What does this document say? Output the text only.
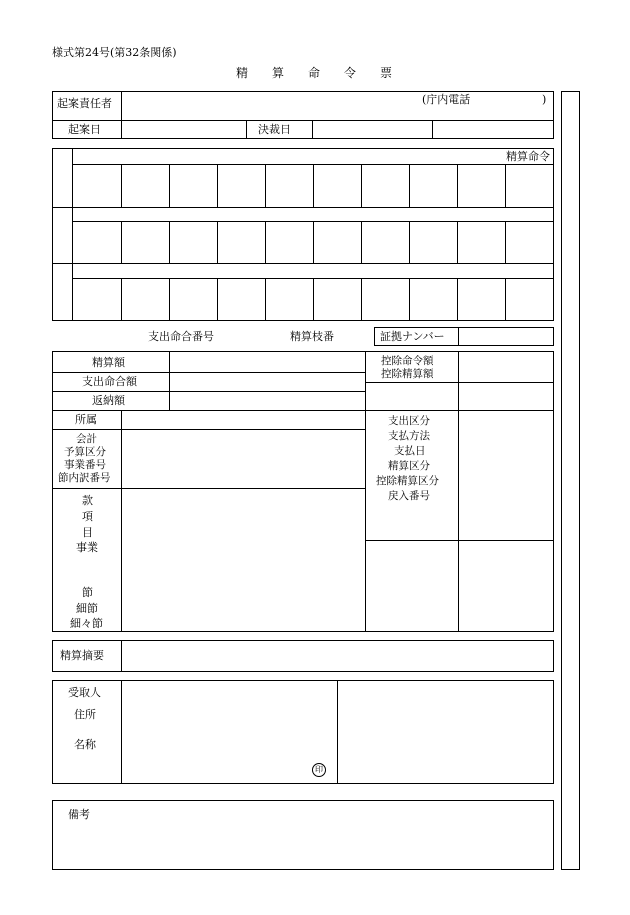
様式第24号(第32条関係)
精　　算　　命　　令　　票
起案責任者	(庁内電話	)
起案日	決裁日
精算命令
支出命合番号	精算枝番	証拠ナンバー
精算額
支出命合額
返納額
控除命令額
控除精算額
所属
会計
予算区分
事業番号
節内訳番号
款
項
目
事業
節
細節
細々節
支出区分
支払方法
支払日
精算区分
控除精算区分
戻入番号
精算摘要
受取人
住所
名称
印
備考
